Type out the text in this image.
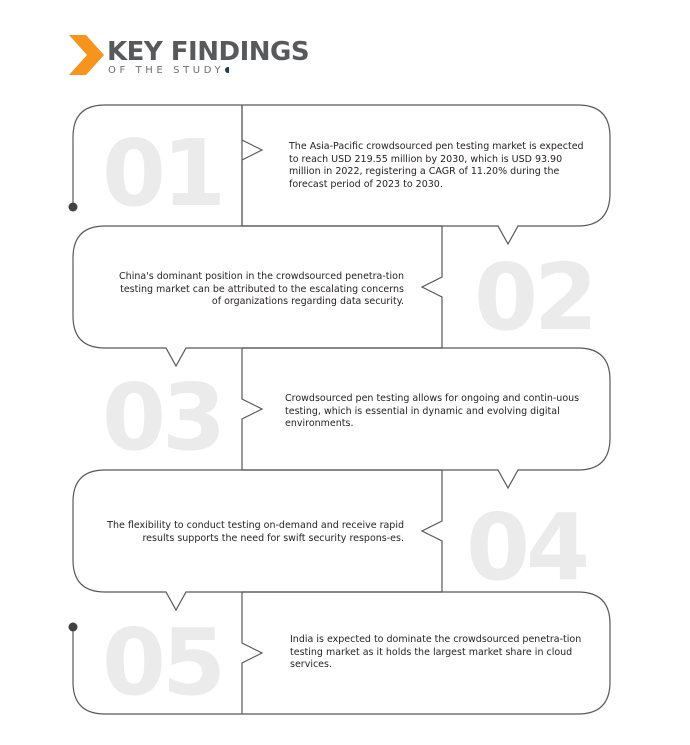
KEY FINDINGS
OF THE STUDY
01
02
03
04
05
The Asia-Pacific crowdsourced pen testing market is expected to reach USD 219.55 million by 2030, which is USD 93.90 million in 2022, registering a CAGR of 11.20% during the forecast period of 2023 to 2030.
China's dominant position in the crowdsourced penetra-tion testing market can be attributed to the escalating concerns of organizations regarding data security.
Crowdsourced pen testing allows for ongoing and contin-uous testing, which is essential in dynamic and evolving digital environments.
The flexibility to conduct testing on-demand and receive rapid results supports the need for swift security respons-es.
India is expected to dominate the crowdsourced penetra-tion testing market as it holds the largest market share in cloud services.
